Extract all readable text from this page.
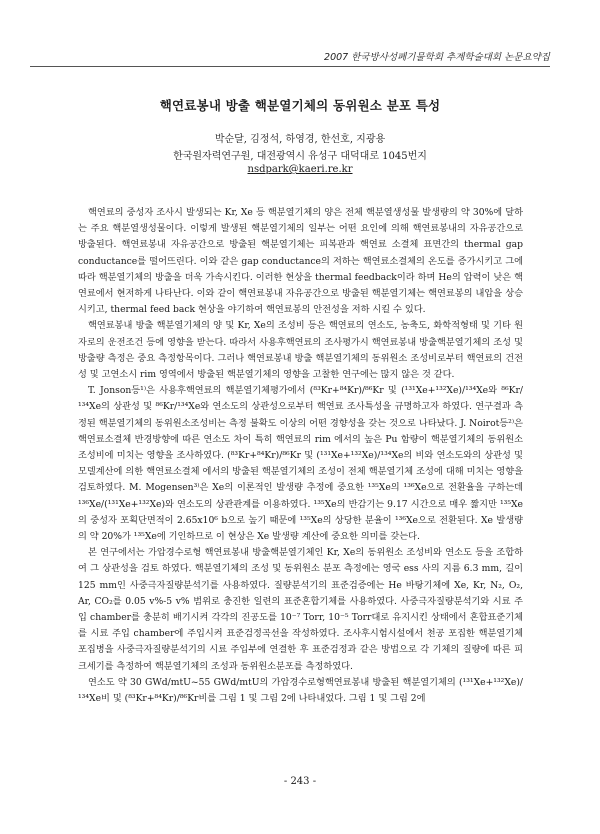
2007 한국방사성폐기물학회 추계학술대회 논문요약집
핵연료봉내 방출 핵분열기체의 동위원소 분포 특성
박순달, 김정석, 하영경, 한선호, 지광용
한국원자력연구원, 대전광역시 유성구 대덕대로 1045번지
nsdpark@kaeri.re.kr

핵연료의 중성자 조사시 발생되는 Kr, Xe 등 핵분열기체의 양은 전체 핵분열생성물 발생량의 약 30%에 달하는 주요 핵분열생성물이다. 이렇게 발생된 핵분열기체의 일부는 어떤 요인에 의해 핵연료봉내의 자유공간으로 방출된다. 핵연료봉내 자유공간으로 방출된 핵분열기체는 피복관과 핵연료 소결체 표면간의 thermal gap conductance를 떨어뜨린다. 이와 같은 gap conductance의 저하는 핵연료소결체의 온도를 증가시키고 그에 따라 핵분열기체의 방출을 더욱 가속시킨다. 이러한 현상을 thermal feedback이라 하며 He의 압력이 낮은 핵연료에서 현저하게 나타난다. 이와 같이 핵연료봉내 자유공간으로 방출된 핵분열기체는 핵연료봉의 내압을 상승시키고, thermal feed back 현상을 야기하여 핵연료봉의 안전성을 저하 시킬 수 있다.

핵연료봉내 방출 핵분열기체의 양 및 Kr, Xe의 조성비 등은 핵연료의 연소도, 농축도, 화학적형태 및 기타 원자로의 운전조건 등에 영향을 받는다. 따라서 사용후핵연료의 조사평가시 핵연료봉내 방출핵분열기체의 조성 및 방출량 측정은 중요 측정항목이다. 그러나 핵연료봉내 방출 핵분열기체의 동위원소 조성비로부터 핵연료의 건전성 및 고연소시 rim 영역에서 방출된 핵분열기체의 영향을 고찰한 연구에는 많지 않은 것 같다.

T. Jonson등¹⁾은 사용후핵연료의 핵분열기체평가에서 (⁸³Kr+⁸⁴Kr)/⁸⁶Kr 및 (¹³¹Xe+¹³²Xe)/¹³⁴Xe와 ⁸⁶Kr/¹³⁴Xe의 상관성 및 ⁸⁶Kr/¹³⁴Xe와 연소도의 상관성으로부터 핵연료 조사특성을 규명하고자 하였다. 연구결과 측정된 핵분열기체의 동위원소조성비는 측정 불확도 이상의 어떤 경향성을 갖는 것으로 나타났다. J. Noirot등²⁾은 핵연료소결체 반경방향에 따른 연소도 차이 특히 핵연료의 rim 에서의 높은 Pu 함량이 핵분열기체의 동위원소 조성비에 미치는 영향을 조사하였다. (⁸³Kr+⁸⁴Kr)/⁸⁶Kr 및 (¹³¹Xe+¹³²Xe)/¹³⁴Xe의 비와 연소도와의 상관성 및 모델계산에 의한 핵연료소결체 에서의 방출된 핵분열기체의 조성이 전체 핵분열기체 조성에 대해 미치는 영향을 검토하였다. M. Mogensen³⁾은 Xe의 이론적인 발생량 추정에 중요한 ¹³⁵Xe의 ¹³⁶Xe으로 전환율을 구하는데 ¹³⁶Xe/(¹³¹Xe+¹³²Xe)와 연소도의 상관관계를 이용하였다. ¹³⁵Xe의 반감기는 9.17 시간으로 매우 짧지만 ¹³⁵Xe의 중성자 포획단면적이 2.65x10⁶ b으로 높기 때문에 ¹³⁵Xe의 상당한 분율이 ¹³⁶Xe으로 전환된다. Xe 발생량의 약 20%가 ¹³⁵Xe에 기인하므로 이 현상은 Xe 발생량 계산에 중요한 의미를 갖는다.

본 연구에서는 가압경수로형 핵연료봉내 방출핵분열기체인 Kr, Xe의 동위원소 조성비와 연소도 등을 조합하여 그 상관성을 검토 하였다. 핵분열기체의 조성 및 동위원소 분포 측정에는 영국 ess 사의 지름 6.3 mm, 길이 125 mm인 사중극자질량분석기를 사용하였다. 질량분석기의 표준검증에는 He 바탕기체에 Xe, Kr, N₂, O₂, Ar, CO₂를 0.05 v%-5 v% 범위로 충진한 일련의 표준혼합기체를 사용하였다. 사중극자질량분석기와 시료 주입 chamber를 충분히 배기시켜 각각의 진공도를 10⁻⁷ Torr, 10⁻⁵ Torr대로 유지시킨 상태에서 혼합표준기체를 시료 주입 chamber에 주입시켜 표준검정곡선을 작성하였다. 조사후시험시설에서 천공 포집한 핵분열기체 포집병을 사중극자질량분석기의 시료 주입부에 연결한 후 표준검정과 같은 방법으로 각 기체의 질량에 따른 피크세기를 측정하여 핵분열기체의 조성과 동위원소분포를 측정하였다.

연소도 약 30 GWd/mtU~55 GWd/mtU의 가압경수로형핵연료봉내 방출된 핵분열기체의 (¹³¹Xe+¹³²Xe)/¹³⁴Xe비 및 (⁸³Kr+⁸⁴Kr)/⁸⁶Kr비를 그림 1 및 그림 2에 나타내었다. 그림 1 및 그림 2에

- 243 -
